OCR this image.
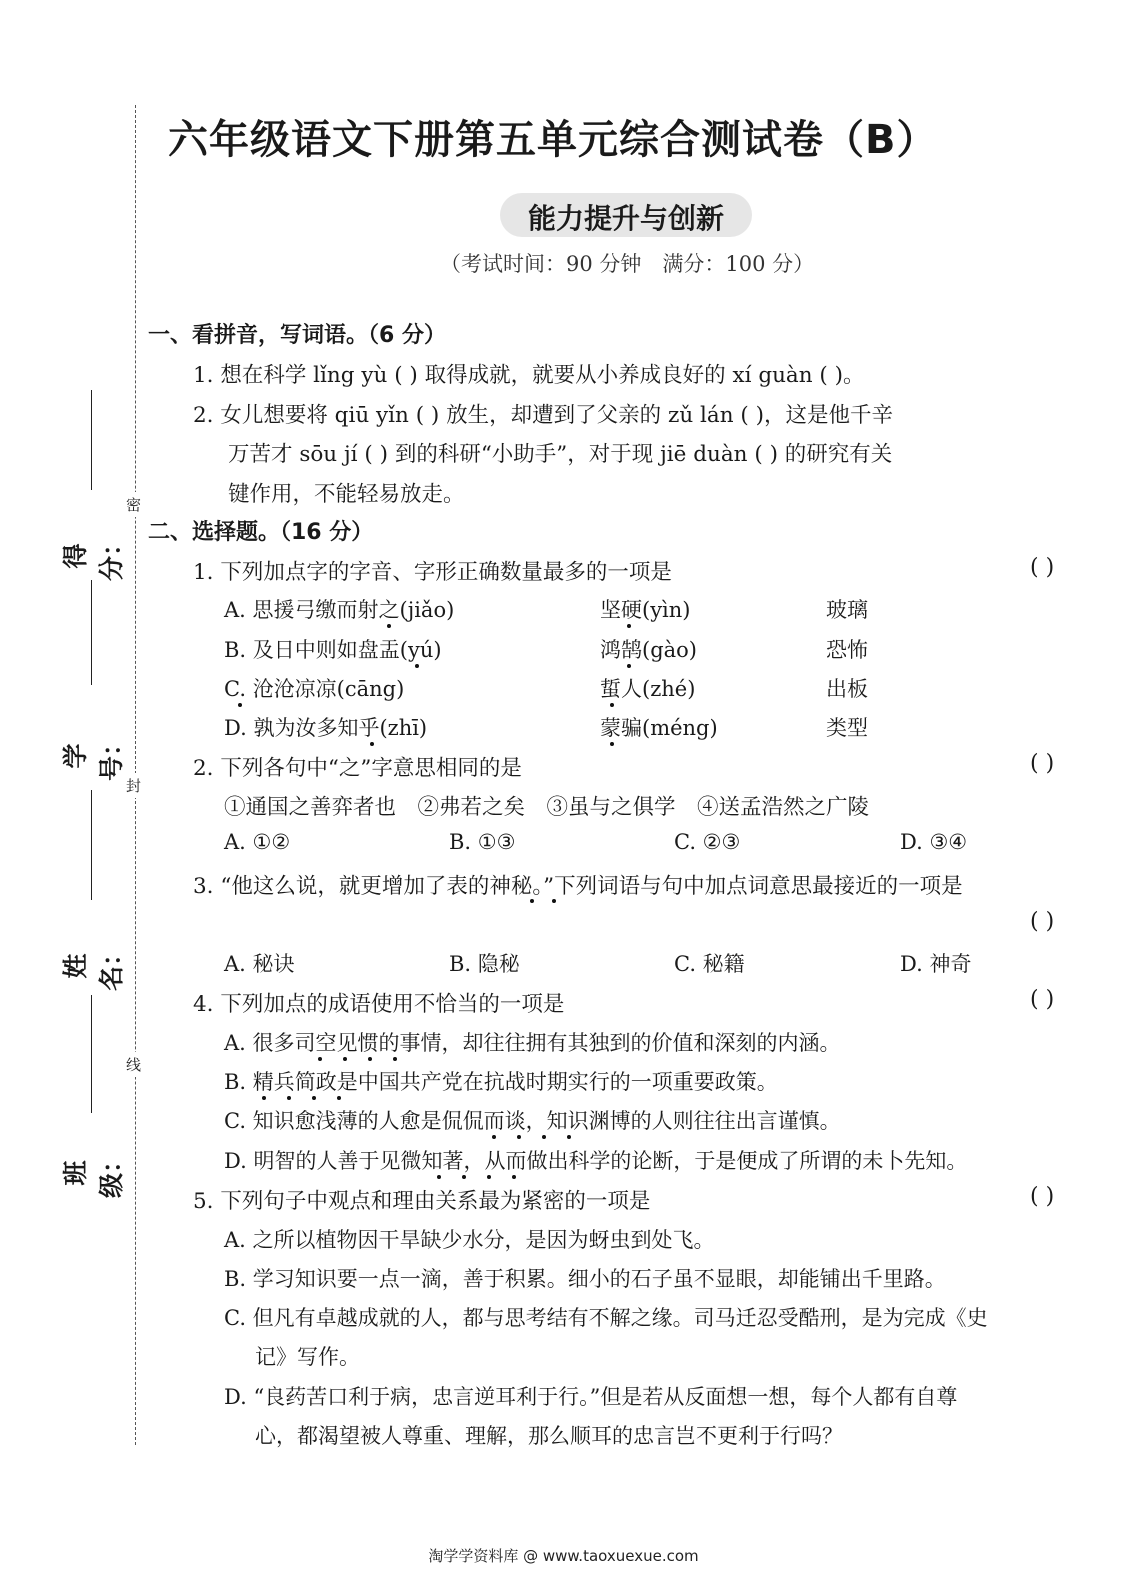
密
封
线
得分：
学号：
姓名：
班级：
六年级语文下册第五单元综合测试卷（B）
能力提升与创新
（考试时间：90 分钟　满分：100 分）
一、看拼音，写词语。（6 分）
1. 想在科学 lǐng yù ( ) 取得成就，就要从小养成良好的 xí guàn ( )。
2. 女儿想要将 qiū yǐn ( ) 放生，却遭到了父亲的 zǔ lán ( )，这是他千辛
万苦才 sōu jí ( ) 到的科研“小助手”，对于现 jiē duàn ( ) 的研究有关
键作用，不能轻易放走。
二、选择题。（16 分）
1. 下列加点字的字音、字形正确数量最多的一项是	( )
A. 思援弓缴而射之(jiǎo)	坚硬(yìn)	玻璃
B. 及日中则如盘盂(yú)	鸿鹄(gào)	恐怖
C. 沧沧凉凉(cāng)	蜇人(zhé)	出板
D. 孰为汝多知乎(zhī)	蒙骗(méng)	类型
2. 下列各句中“之”字意思相同的是	( )
①通国之善弈者也　②弗若之矣　③虽与之俱学　④送孟浩然之广陵
A. ①②	B. ①③	C. ②③	D. ③④
3. “他这么说，就更增加了表的神秘。”下列词语与句中加点词意思最接近的一项是
( )
A. 秘诀	B. 隐秘	C. 秘籍	D. 神奇
4. 下列加点的成语使用不恰当的一项是	( )
A. 很多司空见惯的事情，却往往拥有其独到的价值和深刻的内涵。
B. 精兵简政是中国共产党在抗战时期实行的一项重要政策。
C. 知识愈浅薄的人愈是侃侃而谈，知识渊博的人则往往出言谨慎。
D. 明智的人善于见微知著，从而做出科学的论断，于是便成了所谓的未卜先知。
5. 下列句子中观点和理由关系最为紧密的一项是	( )
A. 之所以植物因干旱缺少水分，是因为蚜虫到处飞。
B. 学习知识要一点一滴，善于积累。细小的石子虽不显眼，却能铺出千里路。
C. 但凡有卓越成就的人，都与思考结有不解之缘。司马迁忍受酷刑，是为完成《史
记》写作。
D. “良药苦口利于病，忠言逆耳利于行。”但是若从反面想一想，每个人都有自尊
心，都渴望被人尊重、理解，那么顺耳的忠言岂不更利于行吗？
淘学学资料库 @ www.taoxuexue.com
